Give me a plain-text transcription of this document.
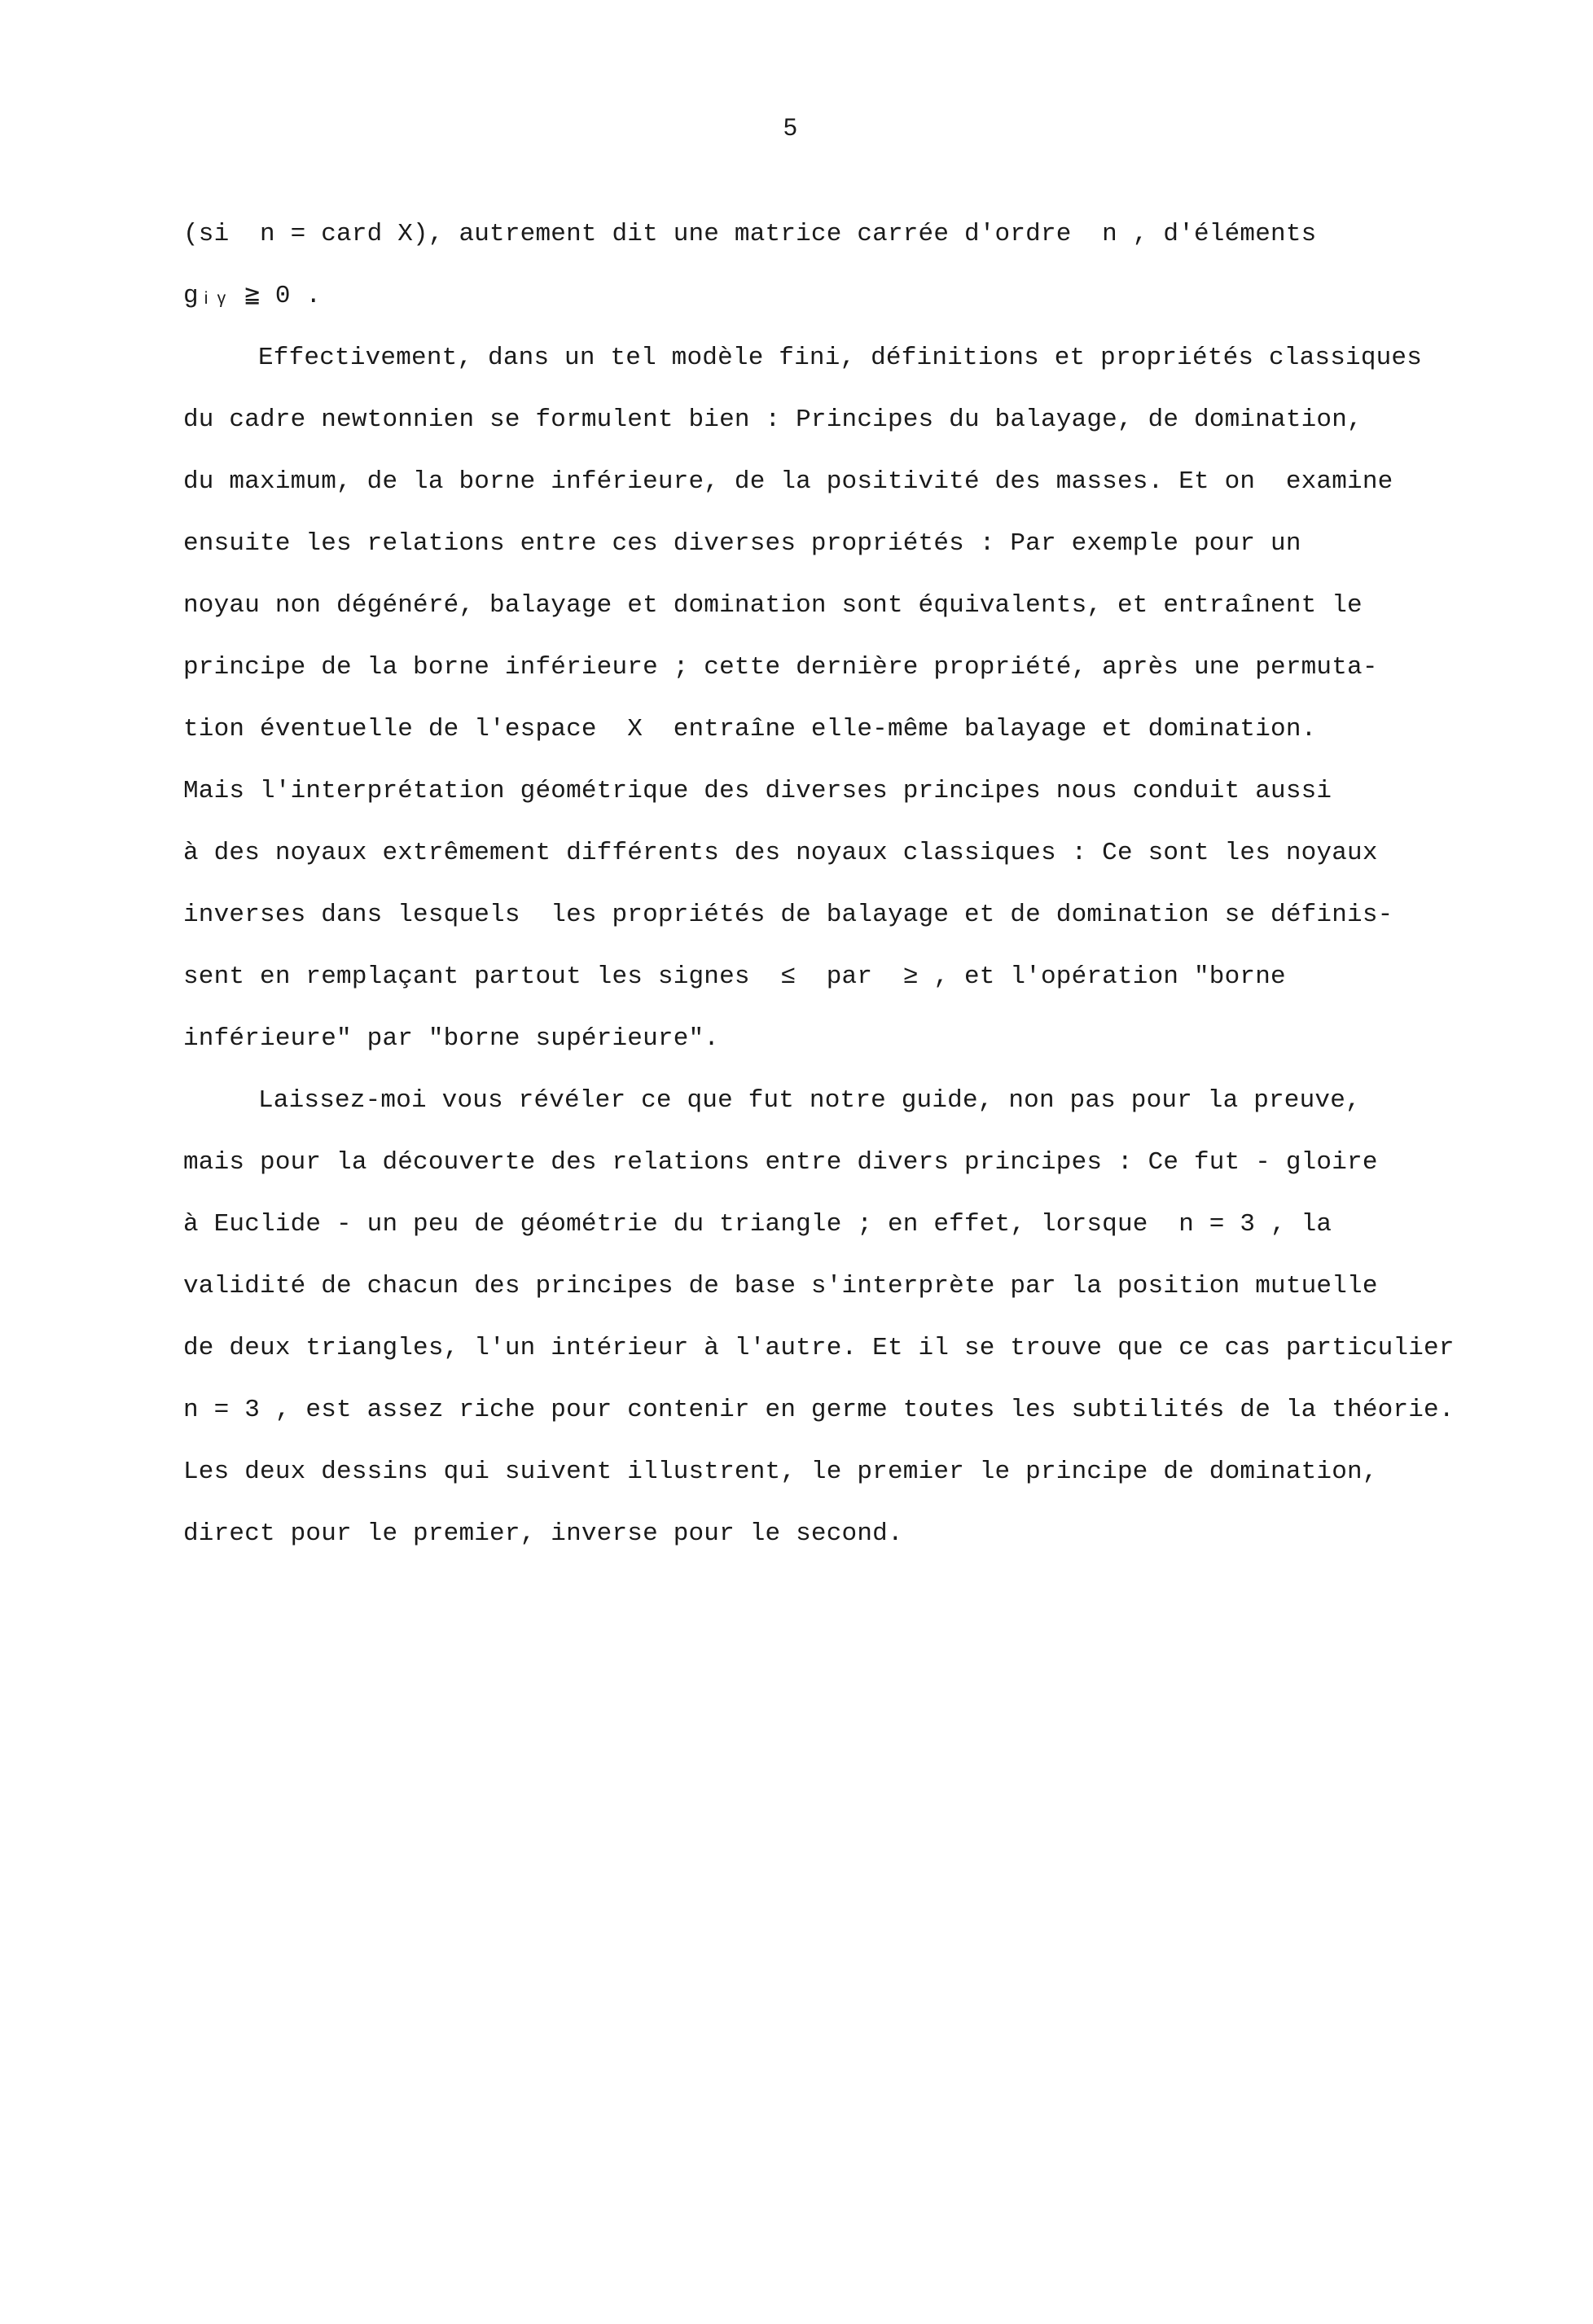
5
(si  n = card X), autrement dit une matrice carrée d'ordre  n , d'éléments
gᵢᵧ ≧ 0 .
Effectivement, dans un tel modèle fini, définitions et propriétés classiques
du cadre newtonnien se formulent bien : Principes du balayage, de domination,
du maximum, de la borne inférieure, de la positivité des masses. Et on  examine
ensuite les relations entre ces diverses propriétés : Par exemple pour un
noyau non dégénéré, balayage et domination sont équivalents, et entraînent le
principe de la borne inférieure ; cette dernière propriété, après une permuta-
tion éventuelle de l'espace  X  entraîne elle-même balayage et domination.
Mais l'interprétation géométrique des diverses principes nous conduit aussi
à des noyaux extrêmement différents des noyaux classiques : Ce sont les noyaux
inverses dans lesquels  les propriétés de balayage et de domination se définis-
sent en remplaçant partout les signes  ≤  par  ≥ , et l'opération "borne
inférieure" par "borne supérieure".
Laissez-moi vous révéler ce que fut notre guide, non pas pour la preuve,
mais pour la découverte des relations entre divers principes : Ce fut - gloire
à Euclide - un peu de géométrie du triangle ; en effet, lorsque  n = 3 , la
validité de chacun des principes de base s'interprète par la position mutuelle
de deux triangles, l'un intérieur à l'autre. Et il se trouve que ce cas particulier
n = 3 , est assez riche pour contenir en germe toutes les subtilités de la théorie.
Les deux dessins qui suivent illustrent, le premier le principe de domination,
direct pour le premier, inverse pour le second.
